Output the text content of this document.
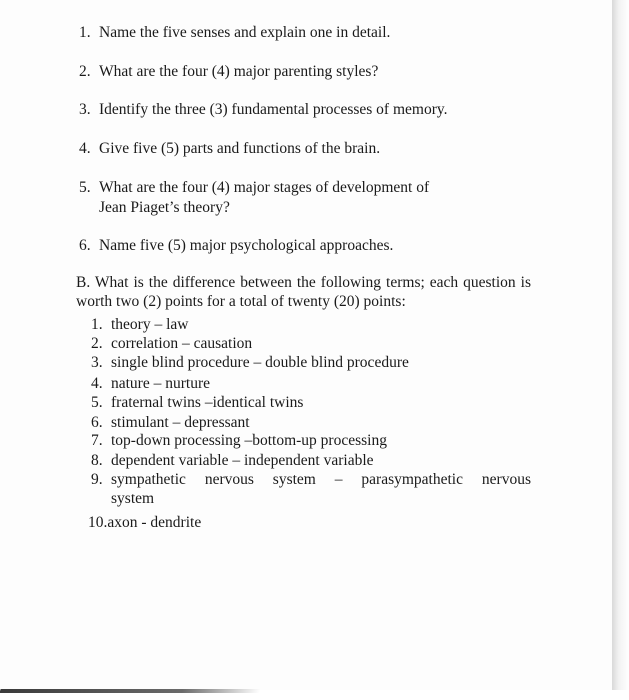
1. Name the five senses and explain one in detail.
2. What are the four (4) major parenting styles?
3. Identify the three (3) fundamental processes of memory.
4. Give five (5) parts and functions of the brain.
5. What are the four (4) major stages of development of
Jean Piaget’s theory?
6. Name five (5) major psychological approaches.
B. What is the difference between the following terms; each question is worth two (2) points for a total of twenty (20) points:
1. theory – law
2. correlation – causation
3. single blind procedure – double blind procedure
4. nature – nurture
5. fraternal twins –identical twins
6. stimulant – depressant
7. top-down processing –bottom-up processing
8. dependent variable – independent variable
9. sympathetic nervous system – parasympathetic nervous
system
10.axon - dendrite
